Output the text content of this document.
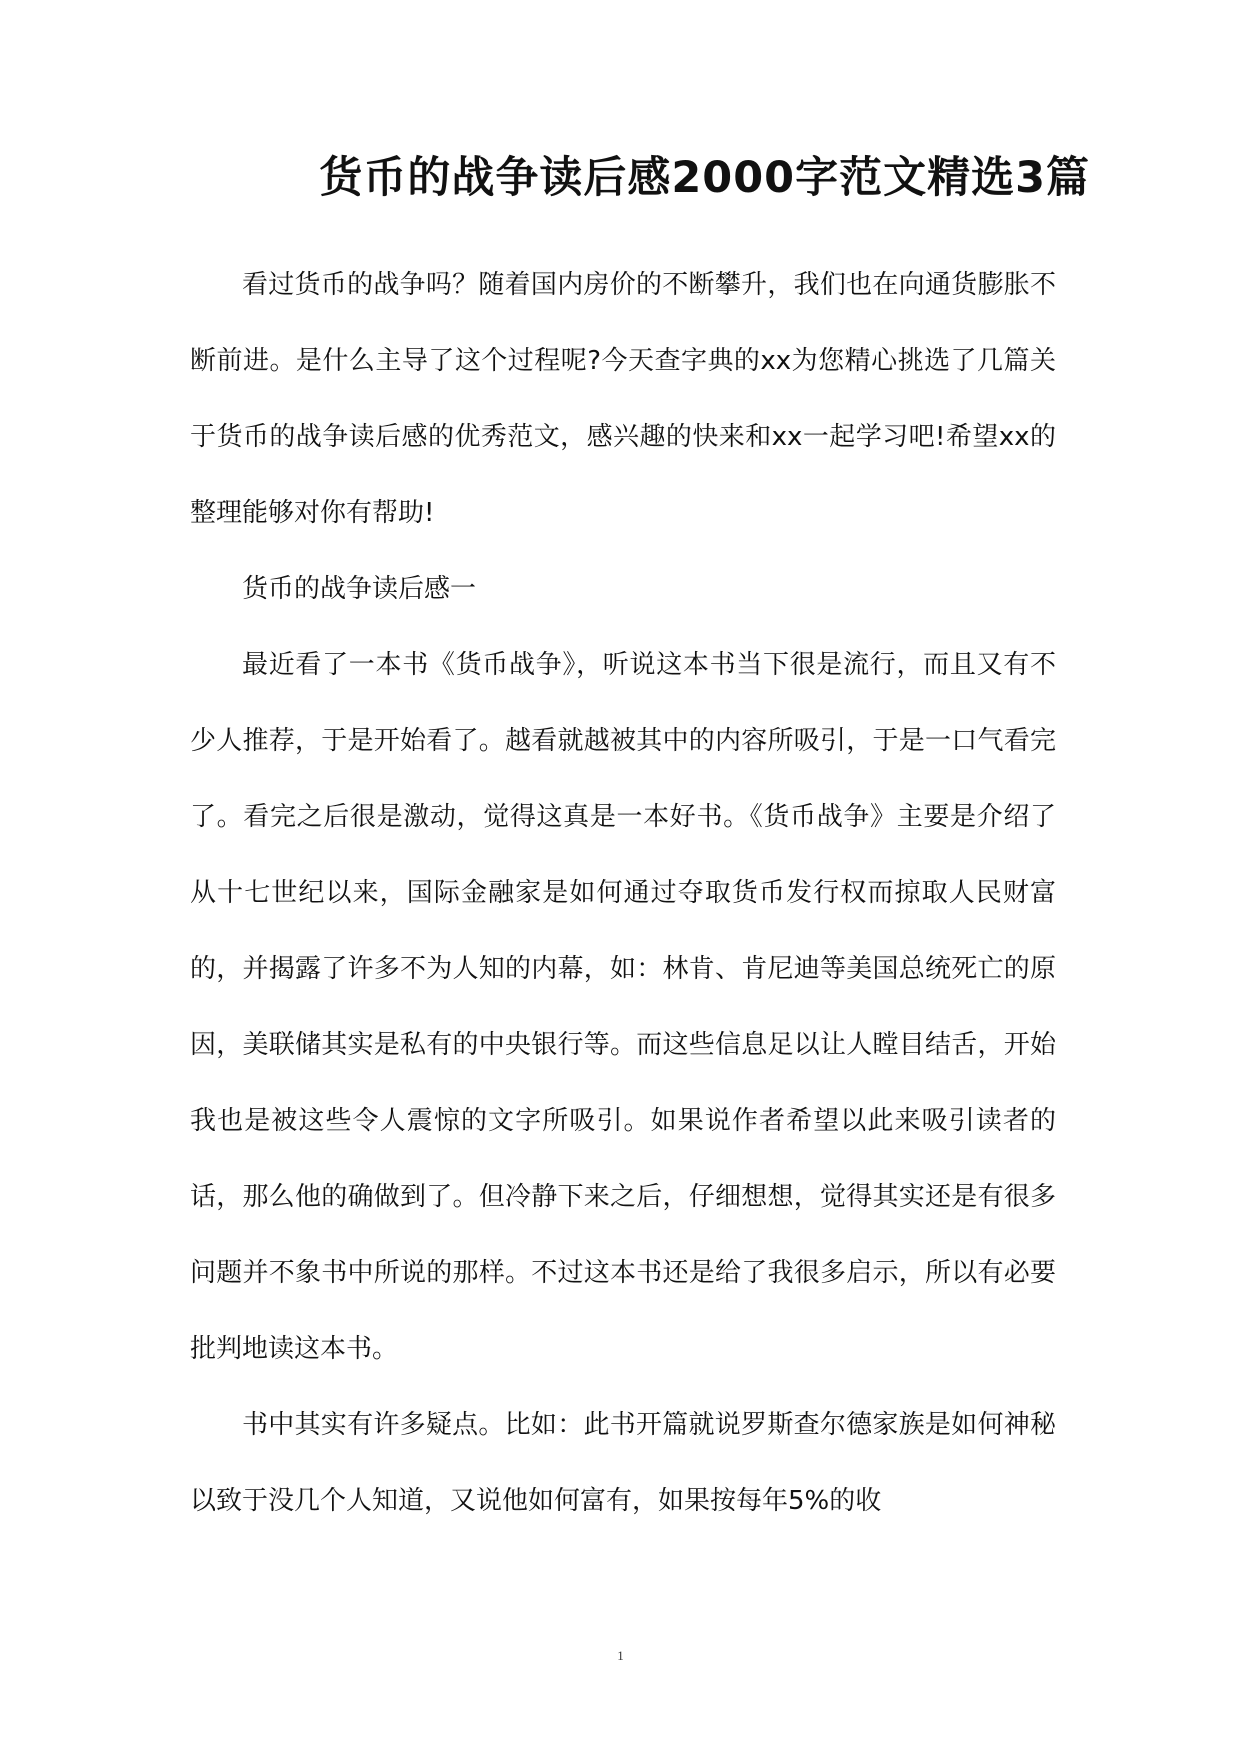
货币的战争读后感2000字范文精选3篇

看过货币的战争吗？随着国内房价的不断攀升，我们也在向通货膨胀不断前进。是什么主导了这个过程呢?今天查字典的xx为您精心挑选了几篇关于货币的战争读后感的优秀范文，感兴趣的快来和xx一起学习吧!希望xx的整理能够对你有帮助!

货币的战争读后感一

最近看了一本书《货币战争》，听说这本书当下很是流行，而且又有不少人推荐，于是开始看了。越看就越被其中的内容所吸引，于是一口气看完了。看完之后很是激动，觉得这真是一本好书。《货币战争》主要是介绍了从十七世纪以来，国际金融家是如何通过夺取货币发行权而掠取人民财富的，并揭露了许多不为人知的内幕，如：林肯、肯尼迪等美国总统死亡的原因，美联储其实是私有的中央银行等。而这些信息足以让人瞠目结舌，开始我也是被这些令人震惊的文字所吸引。如果说作者希望以此来吸引读者的话，那么他的确做到了。但冷静下来之后，仔细想想，觉得其实还是有很多问题并不象书中所说的那样。不过这本书还是给了我很多启示，所以有必要批判地读这本书。

书中其实有许多疑点。比如：此书开篇就说罗斯查尔德家族是如何神秘以致于没几个人知道，又说他如何富有，如果按每年5%的收

1
